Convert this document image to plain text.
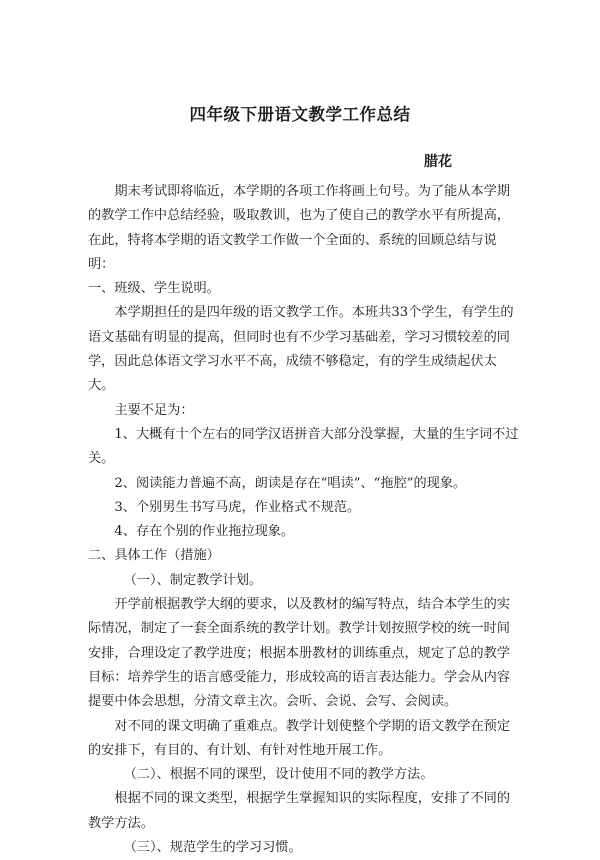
四年级下册语文教学工作总结
腊花

期末考试即将临近，本学期的各项工作将画上句号。为了能从本学期的教学工作中总结经验，吸取教训，也为了使自己的教学水平有所提高，在此，特将本学期的语文教学工作做一个全面的、系统的回顾总结与说明：

一、班级、学生说明。

本学期担任的是四年级的语文教学工作。本班共33个学生，有学生的语文基础有明显的提高，但同时也有不少学习基础差，学习习惯较差的同学，因此总体语文学习水平不高，成绩不够稳定，有的学生成绩起伏太大。

主要不足为：

1、大概有十个左右的同学汉语拼音大部分没掌握，大量的生字词不过关。

2、阅读能力普遍不高，朗读是存在“唱读”、“拖腔”的现象。

3、个别男生书写马虎，作业格式不规范。

4、存在个别的作业拖拉现象。

二、具体工作（措施）

（一）、制定教学计划。

开学前根据教学大纲的要求，以及教材的编写特点，结合本学生的实际情况，制定了一套全面系统的教学计划。教学计划按照学校的统一时间安排，合理设定了教学进度；根据本册教材的训练重点，规定了总的教学目标：培养学生的语言感受能力，形成较高的语言表达能力。学会从内容提要中体会思想，分清文章主次。会听、会说、会写、会阅读。

对不同的课文明确了重难点。教学计划使整个学期的语文教学在预定的安排下，有目的、有计划、有针对性地开展工作。

（二）、根据不同的课型，设计使用不同的教学方法。

根据不同的课文类型，根据学生掌握知识的实际程度，安排了不同的教学方法。

（三）、规范学生的学习习惯。
